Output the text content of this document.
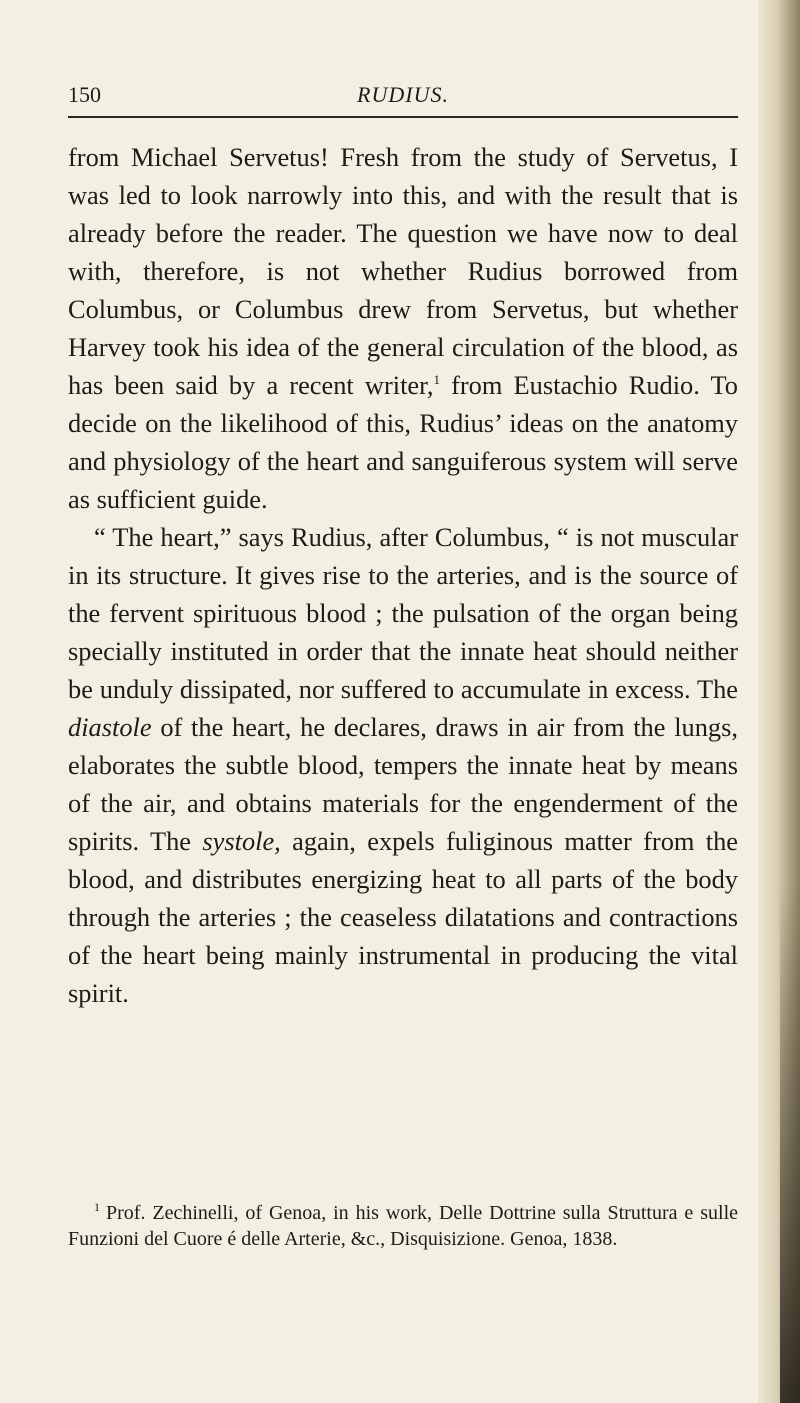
150	RUDIUS.

from Michael Servetus! Fresh from the study of Servetus, I was led to look narrowly into this, and with the result that is already before the reader. The question we have now to deal with, therefore, is not whether Rudius borrowed from Columbus, or Columbus drew from Servetus, but whether Harvey took his idea of the general circulation of the blood, as has been said by a recent writer,$^1$ from Eustachio Rudio. To decide on the likelihood of this, Rudius’ ideas on the anatomy and physiology of the heart and sanguiferous system will serve as sufficient guide.

“ The heart,” says Rudius, after Columbus, “ is not muscular in its structure. It gives rise to the arteries, and is the source of the fervent spirituous blood ; the pulsation of the organ being specially instituted in order that the innate heat should neither be unduly dissipated, nor suffered to accumulate in excess. The diastole of the heart, he declares, draws in air from the lungs, elaborates the subtle blood, tempers the innate heat by means of the air, and obtains materials for the engenderment of the spirits. The systole, again, expels fuliginous matter from the blood, and distributes energizing heat to all parts of the body through the arteries ; the ceaseless dilatations and contractions of the heart being mainly instrumental in producing the vital spirit.

$^1$ Prof. Zechinelli, of Genoa, in his work, Delle Dottrine sulla Struttura e sulle Funzioni del Cuore é delle Arterie, &c., Disquisizione. Genoa, 1838.
